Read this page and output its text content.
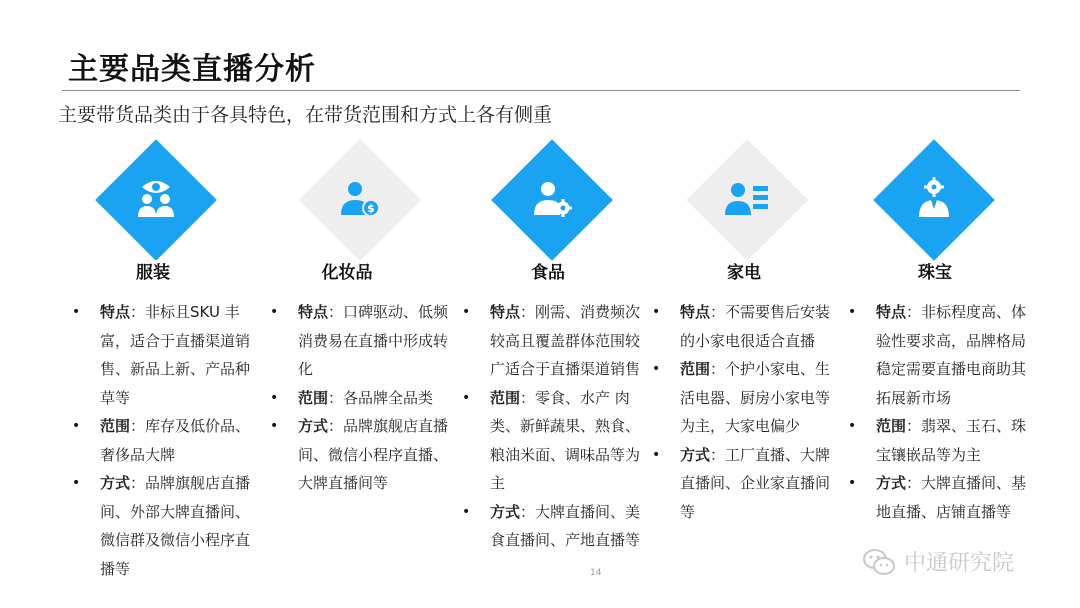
主要品类直播分析
主要带货品类由于各具特色，在带货范围和方式上各有侧重
服装
• 特点：非标且SKU 丰富，适合于直播渠道销售、新品上新、产品种草等
• 范围：库存及低价品、奢侈品大牌
• 方式：品牌旗舰店直播间、外部大牌直播间、微信群及微信小程序直播等
$
化妆品
• 特点：口碑驱动、低频消费易在直播中形成转化
• 范围：各品牌全品类
• 方式：品牌旗舰店直播间、微信小程序直播、大牌直播间等
食品
• 特点：刚需、消费频次较高且覆盖群体范围较广适合于直播渠道销售
• 范围：零食、水产 肉类、新鲜蔬果、熟食、粮油米面、调味品等为主
• 方式：大牌直播间、美食直播间、产地直播等
家电
• 特点：不需要售后安装的小家电很适合直播
• 范围：个护小家电、生活电器、厨房小家电等为主，大家电偏少
• 方式：工厂直播、大牌直播间、企业家直播间等
珠宝
• 特点：非标程度高、体验性要求高，品牌格局稳定需要直播电商助其拓展新市场
• 范围：翡翠、玉石、珠宝镶嵌品等为主
• 方式：大牌直播间、基地直播、店铺直播等
14	中通研究院
